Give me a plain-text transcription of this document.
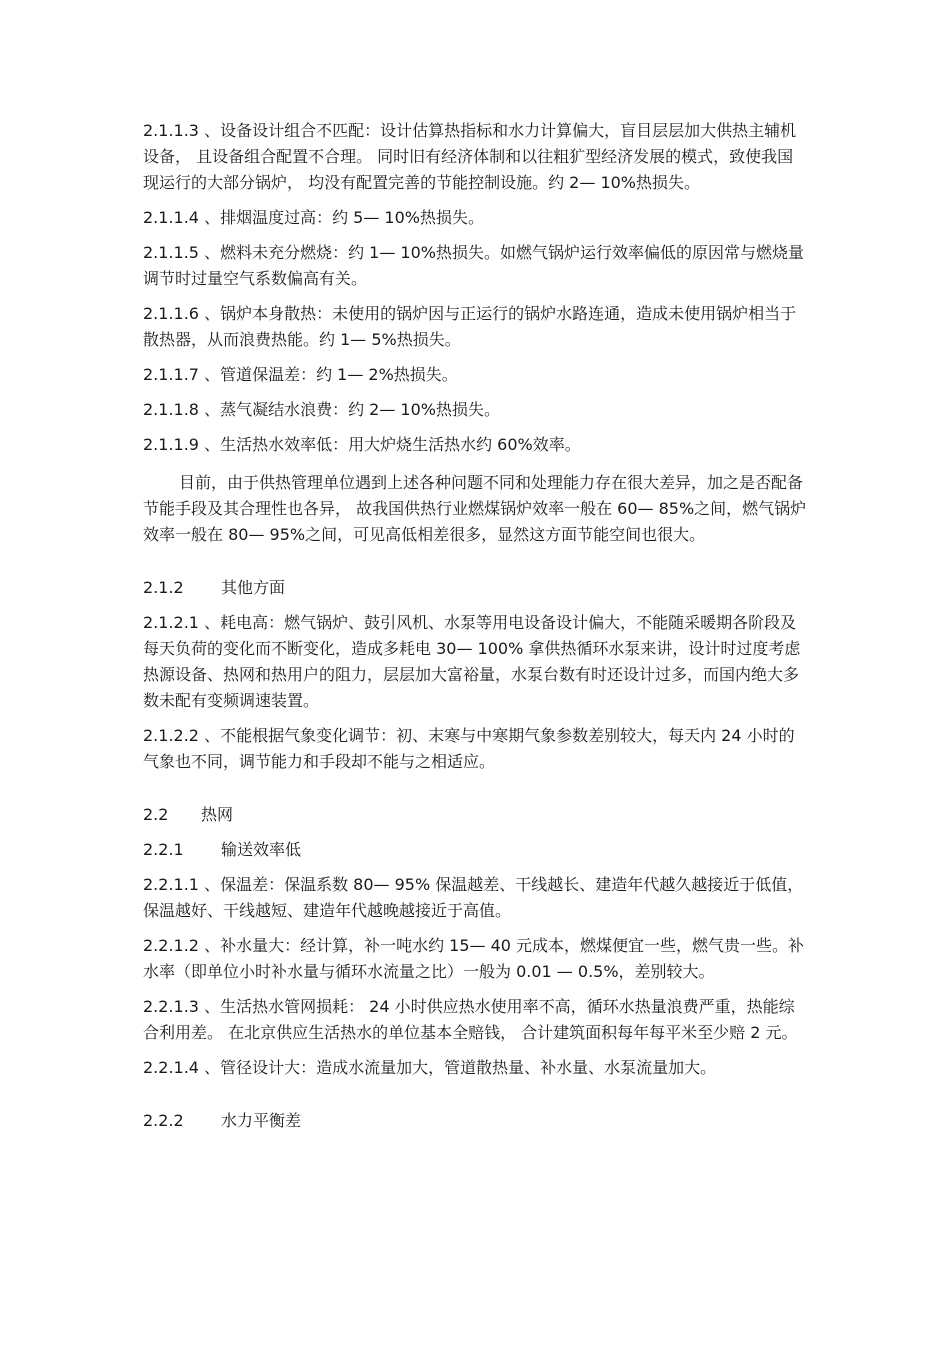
2.1.1.3 、设备设计组合不匹配：设计估算热指标和水力计算偏大，盲目层层加大供热主辅机设备， 且设备组合配置不合理。 同时旧有经济体制和以往粗犷型经济发展的模式，致使我国现运行的大部分锅炉， 均没有配置完善的节能控制设施。约 2— 10%热损失。

2.1.1.4 、排烟温度过高：约 5— 10%热损失。

2.1.1.5 、燃料未充分燃烧：约 1— 10%热损失。如燃气锅炉运行效率偏低的原因常与燃烧量调节时过量空气系数偏高有关。

2.1.1.6 、锅炉本身散热：未使用的锅炉因与正运行的锅炉水路连通，造成未使用锅炉相当于散热器，从而浪费热能。约 1— 5%热损失。

2.1.1.7 、管道保温差：约 1— 2%热损失。

2.1.1.8 、蒸气凝结水浪费：约 2— 10%热损失。

2.1.1.9 、生活热水效率低：用大炉烧生活热水约 60%效率。

目前，由于供热管理单位遇到上述各种问题不同和处理能力存在很大差异，加之是否配备节能手段及其合理性也各异， 故我国供热行业燃煤锅炉效率一般在 60— 85%之间，燃气锅炉效率一般在 80— 95%之间，可见高低相差很多，显然这方面节能空间也很大。

2.1.2 其他方面

2.1.2.1 、耗电高：燃气锅炉、鼓引风机、水泵等用电设备设计偏大，不能随采暖期各阶段及每天负荷的变化而不断变化，造成多耗电 30— 100% 拿供热循环水泵来讲，设计时过度考虑热源设备、热网和热用户的阻力，层层加大富裕量，水泵台数有时还设计过多，而国内绝大多数未配有变频调速装置。

2.1.2.2 、不能根据气象变化调节：初、末寒与中寒期气象参数差别较大，每天内 24 小时的气象也不同，调节能力和手段却不能与之相适应。

2.2 热网
2.2.1 输送效率低

2.2.1.1 、保温差：保温系数 80— 95% 保温越差、干线越长、建造年代越久越接近于低值，保温越好、干线越短、建造年代越晚越接近于高值。

2.2.1.2 、补水量大：经计算，补一吨水约 15— 40 元成本，燃煤便宜一些，燃气贵一些。补水率（即单位小时补水量与循环水流量之比）一般为 0.01 — 0.5%，差别较大。

2.2.1.3 、生活热水管网损耗： 24 小时供应热水使用率不高，循环水热量浪费严重，热能综合利用差。 在北京供应生活热水的单位基本全赔钱， 合计建筑面积每年每平米至少赔 2 元。

2.2.1.4 、管径设计大：造成水流量加大，管道散热量、补水量、水泵流量加大。

2.2.2 水力平衡差
